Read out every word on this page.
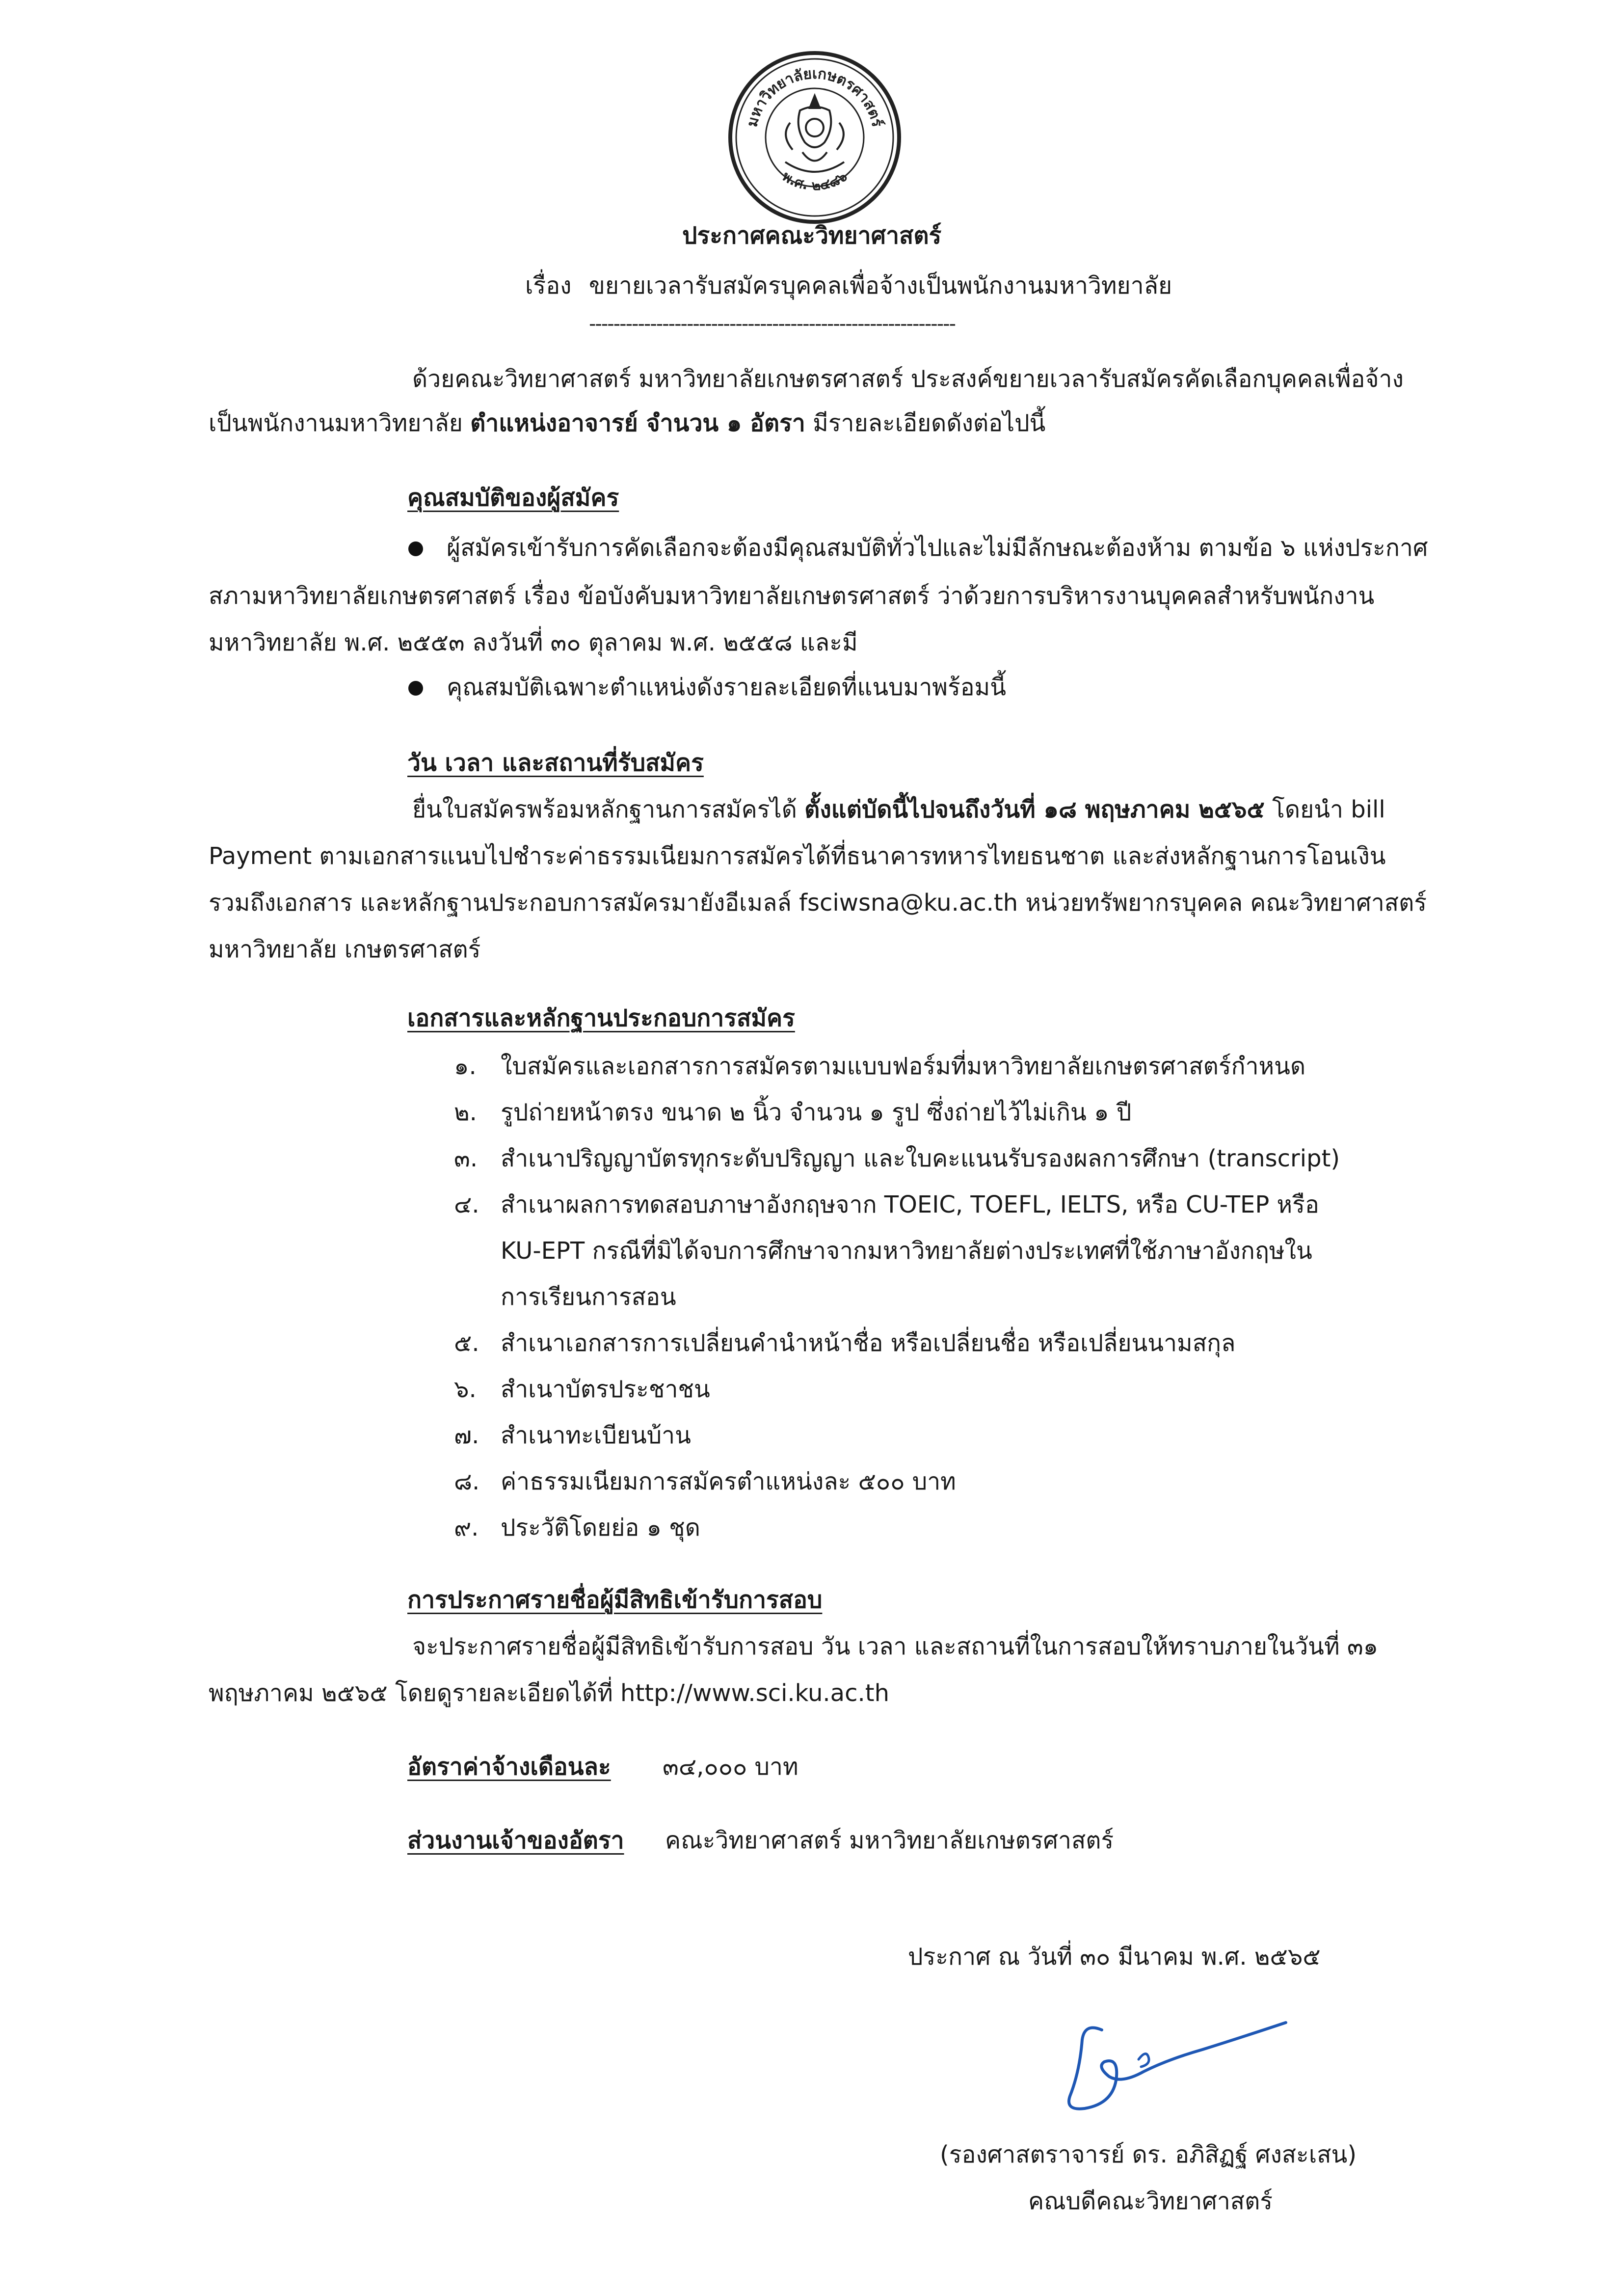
มหาวิทยาลัยเกษตรศาสตร์
พ.ศ. ๒๔๘๖
ประกาศคณะวิทยาศาสตร์
เรื่อง ขยายเวลารับสมัครบุคคลเพื่อจ้างเป็นพนักงานมหาวิทยาลัย
------------------------------------------------------------
ด้วยคณะวิทยาศาสตร์ มหาวิทยาลัยเกษตรศาสตร์ ประสงค์ขยายเวลารับสมัครคัดเลือกบุคคลเพื่อจ้าง
เป็นพนักงานมหาวิทยาลัย ตำแหน่งอาจารย์ จำนวน ๑ อัตรา มีรายละเอียดดังต่อไปนี้
คุณสมบัติของผู้สมัคร
ผู้สมัครเข้ารับการคัดเลือกจะต้องมีคุณสมบัติทั่วไปและไม่มีลักษณะต้องห้าม ตามข้อ ๖ แห่งประกาศ
สภามหาวิทยาลัยเกษตรศาสตร์ เรื่อง ข้อบังคับมหาวิทยาลัยเกษตรศาสตร์ ว่าด้วยการบริหารงานบุคคลสำหรับพนักงาน
มหาวิทยาลัย พ.ศ. ๒๕๕๓ ลงวันที่ ๓๐ ตุลาคม พ.ศ. ๒๕๕๘ และมี
คุณสมบัติเฉพาะตำแหน่งดังรายละเอียดที่แนบมาพร้อมนี้
วัน เวลา และสถานที่รับสมัคร
ยื่นใบสมัครพร้อมหลักฐานการสมัครได้ ตั้งแต่บัดนี้ไปจนถึงวันที่ ๑๘ พฤษภาคม ๒๕๖๕ โดยนำ bill
Payment ตามเอกสารแนบไปชำระค่าธรรมเนียมการสมัครได้ที่ธนาคารทหารไทยธนชาต และส่งหลักฐานการโอนเงิน
รวมถึงเอกสาร และหลักฐานประกอบการสมัครมายังอีเมลล์ fsciwsna@ku.ac.th หน่วยทรัพยากรบุคคล คณะวิทยาศาสตร์
มหาวิทยาลัย เกษตรศาสตร์
เอกสารและหลักฐานประกอบการสมัคร
๑. ใบสมัครและเอกสารการสมัครตามแบบฟอร์มที่มหาวิทยาลัยเกษตรศาสตร์กำหนด
๒. รูปถ่ายหน้าตรง ขนาด ๒ นิ้ว จำนวน ๑ รูป ซึ่งถ่ายไว้ไม่เกิน ๑ ปี
๓. สำเนาปริญญาบัตรทุกระดับปริญญา และใบคะแนนรับรองผลการศึกษา (transcript)
๔. สำเนาผลการทดสอบภาษาอังกฤษจาก TOEIC, TOEFL, IELTS, หรือ CU-TEP หรือ
KU-EPT กรณีที่มิได้จบการศึกษาจากมหาวิทยาลัยต่างประเทศที่ใช้ภาษาอังกฤษใน
การเรียนการสอน
๕. สำเนาเอกสารการเปลี่ยนคำนำหน้าชื่อ หรือเปลี่ยนชื่อ หรือเปลี่ยนนามสกุล
๖. สำเนาบัตรประชาชน
๗. สำเนาทะเบียนบ้าน
๘. ค่าธรรมเนียมการสมัครตำแหน่งละ ๕๐๐ บาท
๙. ประวัติโดยย่อ ๑ ชุด
การประกาศรายชื่อผู้มีสิทธิเข้ารับการสอบ
จะประกาศรายชื่อผู้มีสิทธิเข้ารับการสอบ วัน เวลา และสถานที่ในการสอบให้ทราบภายในวันที่ ๓๑
พฤษภาคม ๒๕๖๕ โดยดูรายละเอียดได้ที่ http://www.sci.ku.ac.th
อัตราค่าจ้างเดือนละ ๓๔,๐๐๐ บาท
ส่วนงานเจ้าของอัตรา คณะวิทยาศาสตร์ มหาวิทยาลัยเกษตรศาสตร์
ประกาศ ณ วันที่ ๓๐ มีนาคม พ.ศ. ๒๕๖๕
(รองศาสตราจารย์ ดร. อภิสิฏฐ์ ศงสะเสน)
คณบดีคณะวิทยาศาสตร์
